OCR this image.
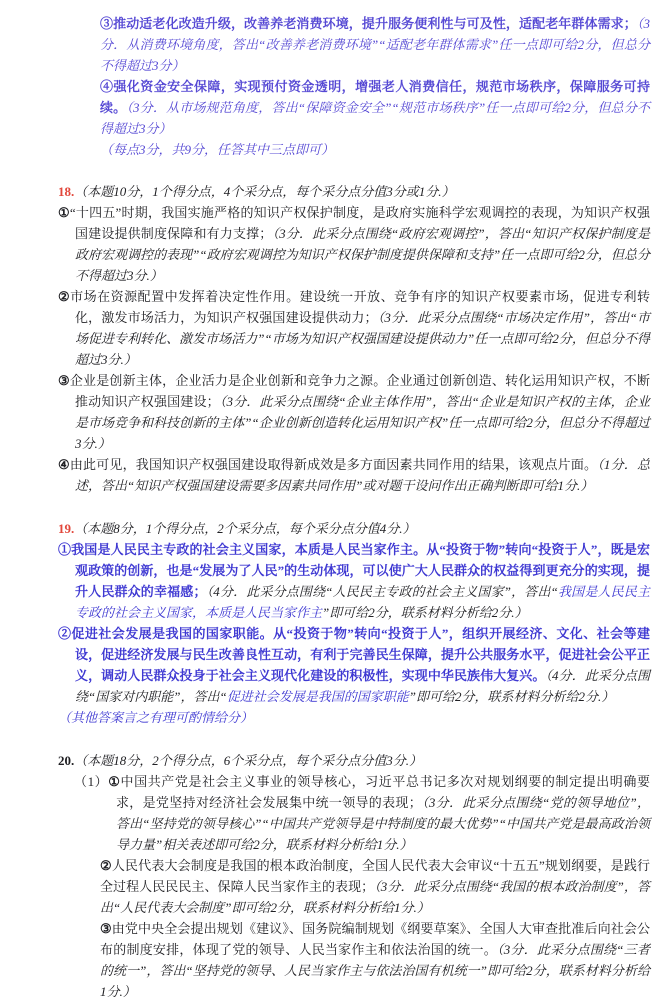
③推动适老化改造升级，改善养老消费环境，提升服务便利性与可及性，适配老年群体需求；（3分．从消费环境角度，答出“改善养老消费环境”“适配老年群体需求”任一点即可给2分，但总分不得超过3分）

④强化资金安全保障，实现预付资金透明，增强老人消费信任，规范市场秩序，保障服务可持续。（3分．从市场规范角度，答出“保障资金安全”“规范市场秩序”任一点即可给2分，但总分不得超过3分）

（每点3分，共9分，任答其中三点即可）

18.（本题10分，1个得分点，4个采分点，每个采分点分值3分或1分.）

①“十四五”时期，我国实施严格的知识产权保护制度，是政府实施科学宏观调控的表现，为知识产权强国建设提供制度保障和有力支撑；（3分．此采分点围绕“政府宏观调控”，答出“知识产权保护制度是政府宏观调控的表现”“政府宏观调控为知识产权保护制度提供保障和支持”任一点即可给2分，但总分不得超过3分.）

②市场在资源配置中发挥着决定性作用。建设统一开放、竞争有序的知识产权要素市场，促进专利转化，激发市场活力，为知识产权强国建设提供动力；（3分．此采分点围绕“市场决定作用”，答出“市场促进专利转化、激发市场活力”“市场为知识产权强国建设提供动力”任一点即可给2分，但总分不得超过3分.）

③企业是创新主体，企业活力是企业创新和竞争力之源。企业通过创新创造、转化运用知识产权，不断推动知识产权强国建设；（3分．此采分点围绕“企业主体作用”，答出“企业是知识产权的主体，企业是市场竞争和科技创新的主体”“企业创新创造转化运用知识产权”任一点即可给2分，但总分不得超过3分.）

④由此可见，我国知识产权强国建设取得新成效是多方面因素共同作用的结果，该观点片面。（1分．总述，答出“知识产权强国建设需要多因素共同作用”或对题干设问作出正确判断即可给1分.）

19.（本题8分，1个得分点，2个采分点，每个采分点分值4分.）

①我国是人民民主专政的社会主义国家，本质是人民当家作主。从“投资于物”转向“投资于人”，既是宏观政策的创新，也是“发展为了人民”的生动体现，可以使广大人民群众的权益得到更充分的实现，提升人民群众的幸福感；（4分．此采分点围绕“人民民主专政的社会主义国家”，答出“我国是人民民主专政的社会主义国家，本质是人民当家作主”即可给2分，联系材料分析给2分.）

②促进社会发展是我国的国家职能。从“投资于物”转向“投资于人”，组织开展经济、文化、社会等建设，促进经济发展与民生改善良性互动，有利于完善民生保障，提升公共服务水平，促进社会公平正义，调动人民群众投身于社会主义现代化建设的积极性，实现中华民族伟大复兴。（4分．此采分点围绕“国家对内职能”，答出“促进社会发展是我国的国家职能”即可给2分，联系材料分析给2分.）

（其他答案言之有理可酌情给分）

20.（本题18分，2个得分点，6个采分点，每个采分点分值3分.）

（1）①中国共产党是社会主义事业的领导核心，习近平总书记多次对规划纲要的制定提出明确要求，是党坚持对经济社会发展集中统一领导的表现；（3分．此采分点围绕“党的领导地位”，答出“坚持党的领导核心”“中国共产党领导是中特制度的最大优势”“中国共产党是最高政治领导力量”相关表述即可给2分，联系材料分析给1分.）

②人民代表大会制度是我国的根本政治制度，全国人民代表大会审议“十五五”规划纲要，是践行全过程人民民民主、保障人民当家作主的表现；（3分．此采分点围绕“我国的根本政治制度”，答出“人民代表大会制度”即可给2分，联系材料分析给1分.）

③由党中央全会提出规划《建议》、国务院编制规划《纲要草案》、全国人大审查批准后向社会公布的制度安排，体现了党的领导、人民当家作主和依法治国的统一。（3分．此采分点围绕“三者的统一”，答出“坚持党的领导、人民当家作主与依法治国有机统一”即可给2分，联系材料分析给1分.）
